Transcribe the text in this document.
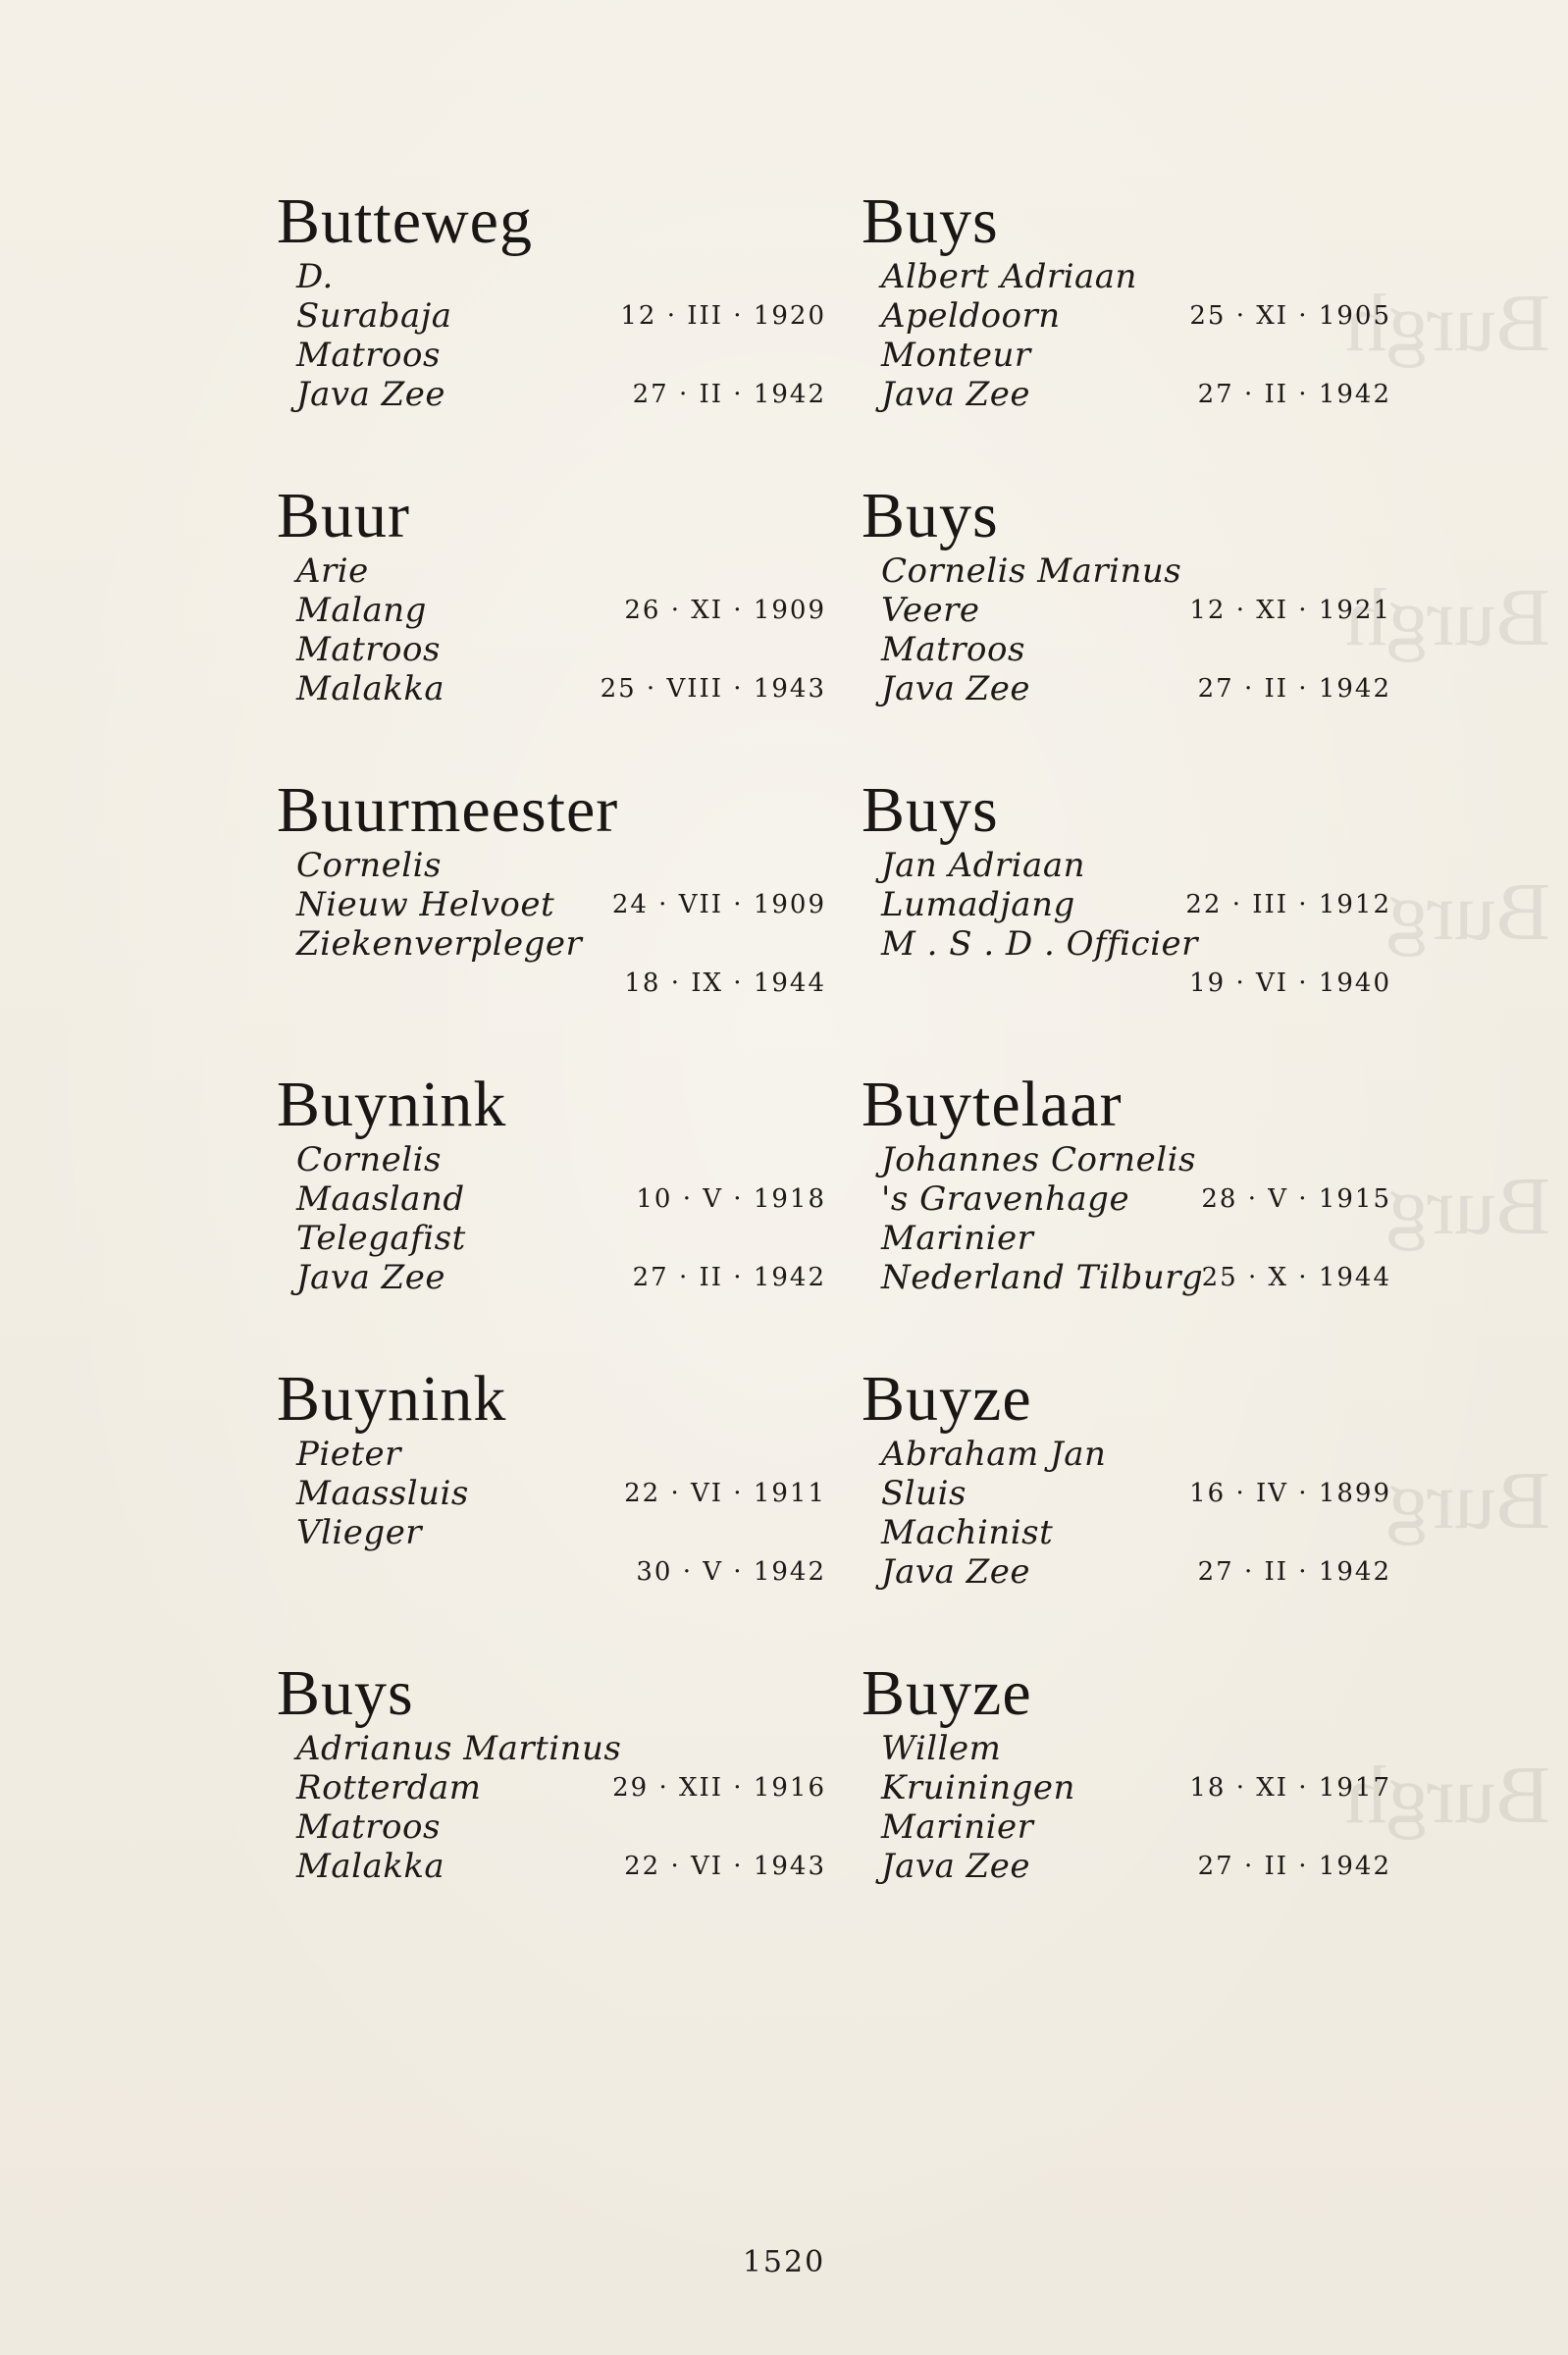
Burgh
Burgh
Burg
Burg
Burg
Burgh
Butteweg
D.
Surabaja	12 · III · 1920
Matroos
Java Zee	27 · II · 1942
Buur
Arie
Malang	26 · XI · 1909
Matroos
Malakka	25 · VIII · 1943
Buurmeester
Cornelis
Nieuw Helvoet 24 · VII · 1909
Ziekenverpleger
18 · IX · 1944
Buynink
Cornelis
Maasland	10 · V · 1918
Telegafist
Java Zee	27 · II · 1942
Buynink
Pieter
Maassluis	22 · VI · 1911
Vlieger
30 · V · 1942
Buys
Adrianus Martinus
Rotterdam	29 · XII · 1916
Matroos
Malakka	22 · VI · 1943
Buys
Albert Adriaan
Apeldoorn	25 · XI · 1905
Monteur
Java Zee	27 · II · 1942
Buys
Cornelis Marinus
Veere	12 · XI · 1921
Matroos
Java Zee	27 · II · 1942
Buys
Jan Adriaan
Lumadjang	22 · III · 1912
M . S . D . Officier
19 · VI · 1940
Buytelaar
Johannes Cornelis
's Gravenhage	28 · V · 1915
Marinier
Nederland Tilburg
25 · X · 1944
Buyze
Abraham Jan
Sluis	16 · IV · 1899
Machinist
Java Zee	27 · II · 1942
Buyze
Willem
Kruiningen	18 · XI · 1917
Marinier
Java Zee	27 · II · 1942
1520
